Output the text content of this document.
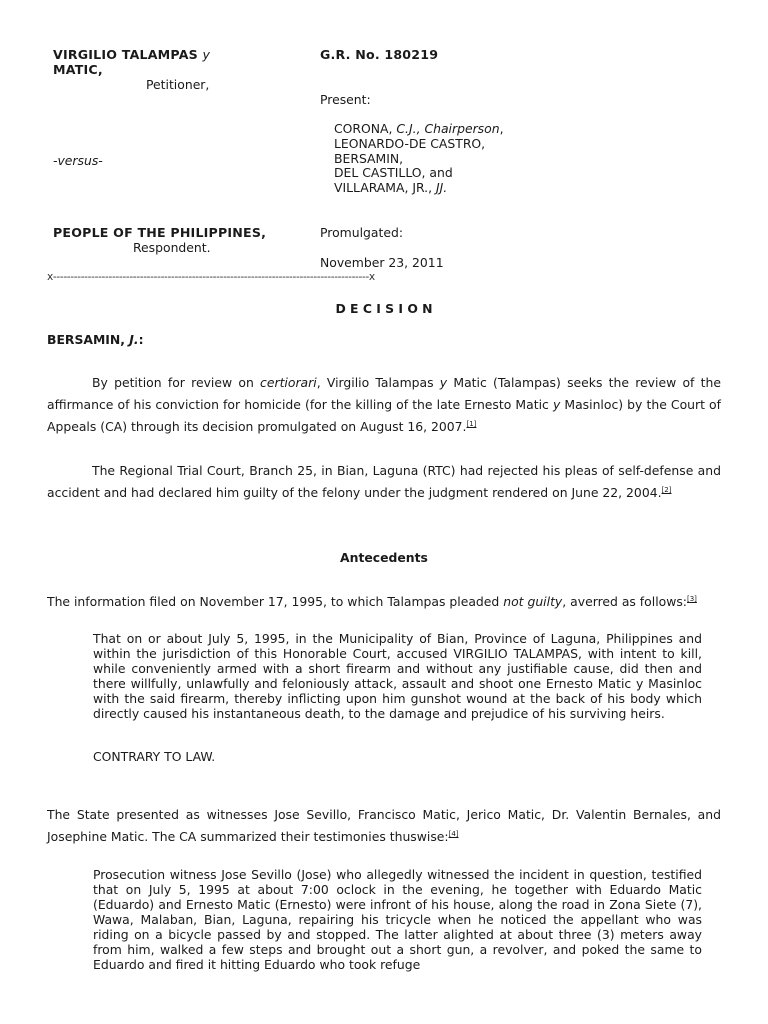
VIRGILIO TALAMPAS y
MATIC,
Petitioner,
-versus-
PEOPLE OF THE PHILIPPINES,
Respondent.
G.R. No. 180219
Present:
CORONA, C.J., Chairperson,
LEONARDO-DE CASTRO,
BERSAMIN,
DEL CASTILLO, and
VILLARAMA, JR., JJ.
Promulgated:
November 23, 2011
x-------------------------------------------------------------------------------------------x
D E C I S I O N
BERSAMIN, J.:
By petition for review on certiorari, Virgilio Talampas y Matic (Talampas) seeks the review of the affirmance of his conviction for homicide (for the killing of the late Ernesto Matic y Masinloc) by the Court of Appeals (CA) through its decision promulgated on August 16, 2007.[1]
The Regional Trial Court, Branch 25, in Bian, Laguna (RTC) had rejected his pleas of self-defense and accident and had declared him guilty of the felony under the judgment rendered on June 22, 2004.[2]
Antecedents
The information filed on November 17, 1995, to which Talampas pleaded not guilty, averred as follows:[3]
That on or about July 5, 1995, in the Municipality of Bian, Province of Laguna, Philippines and within the jurisdiction of this Honorable Court, accused VIRGILIO TALAMPAS, with intent to kill, while conveniently armed with a short firearm and without any justifiable cause, did then and there willfully, unlawfully and feloniously attack, assault and shoot one Ernesto Matic y Masinloc with the said firearm, thereby inflicting upon him gunshot wound at the back of his body which directly caused his instantaneous death, to the damage and prejudice of his surviving heirs.
CONTRARY TO LAW.
The State presented as witnesses Jose Sevillo, Francisco Matic, Jerico Matic, Dr. Valentin Bernales, and Josephine Matic. The CA summarized their testimonies thuswise:[4]
Prosecution witness Jose Sevillo (Jose) who allegedly witnessed the incident in question, testified that on July 5, 1995 at about 7:00 oclock in the evening, he together with Eduardo Matic (Eduardo) and Ernesto Matic (Ernesto) were infront of his house, along the road in Zona Siete (7), Wawa, Malaban, Bian, Laguna, repairing his tricycle when he noticed the appellant who was riding on a bicycle passed by and stopped. The latter alighted at about three (3) meters away from him, walked a few steps and brought out a short gun, a revolver, and poked the same to Eduardo and fired it hitting Eduardo who took refuge
